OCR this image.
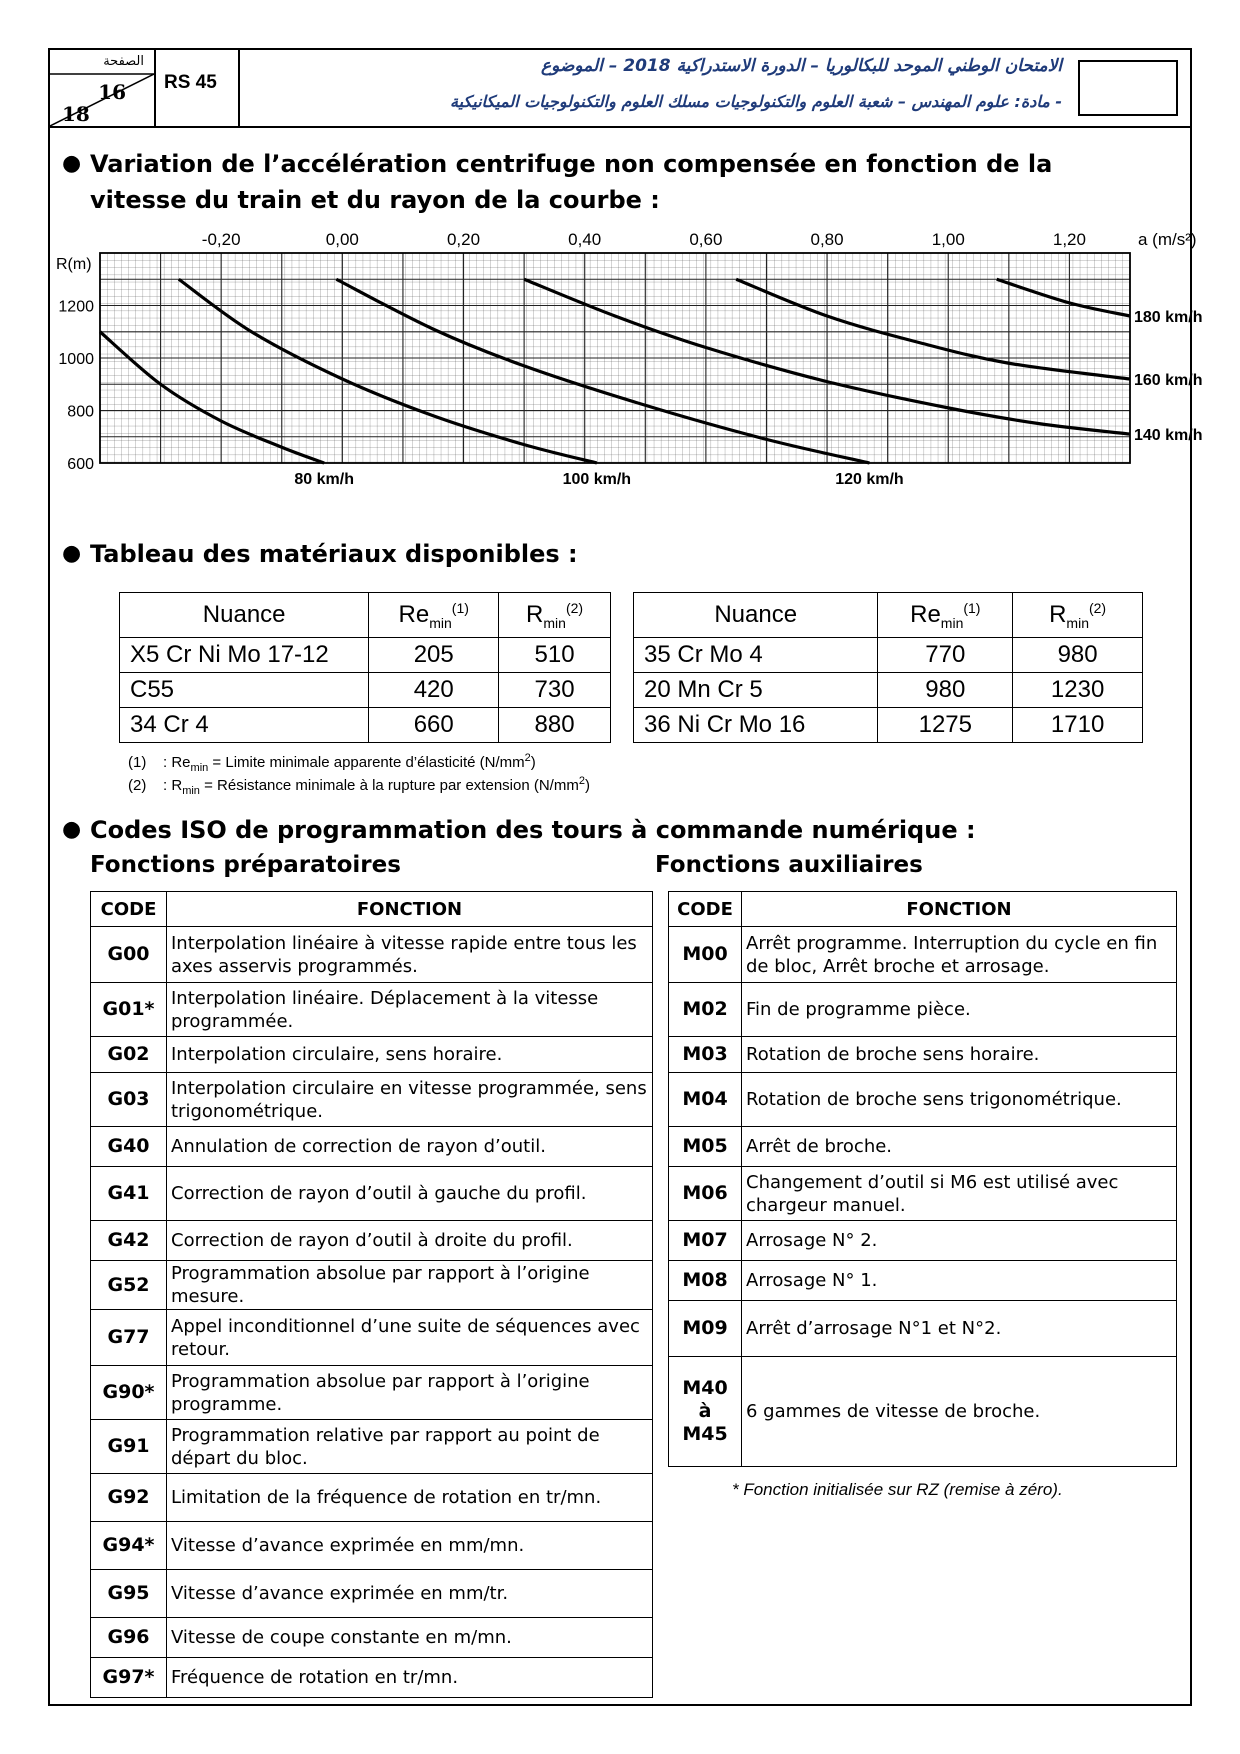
الصفحة
16
18
RS 45
الامتحان الوطني الموحد للبكالوريا – الدورة الاستدراكية 2018 – الموضوع
- مادة: علوم المهندس – شعبة العلوم والتكنولوجيات مسلك العلوم والتكنولوجيات الميكانيكية
● Variation de l’accélération centrifuge non compensée en fonction de la vitesse du train et du rayon de la courbe :
-0,20	0,00	0,20	0,40	0,60	0,80	1,00	1,20
600
800
1000
1200
a (m/s²)
R(m)
80 km/h	100 km/h	120 km/h
140 km/h
160 km/h
180 km/h
● Tableau des matériaux disponibles :
Nuance	$Re_{min}^{(1)}$	$R_{min}^{(2)}$
X5 Cr Ni Mo 17-12	205	510
C55	420	730
34 Cr 4	660	880
Nuance	$Re_{min}^{(1)}$	$R_{min}^{(2)}$
35 Cr Mo 4	770	980
20 Mn Cr 5	980	1230
36 Ni Cr Mo 16	1275	1710
(1) : $Re_{min}$ = Limite minimale apparente d’élasticité $(N/mm^2)$
(2) : $R_{min}$ = Résistance minimale à la rupture par extension $(N/mm^2)$
● Codes ISO de programmation des tours à commande numérique :
Fonctions préparatoires	Fonctions auxiliaires
CODE	FONCTION
G00	Interpolation linéaire à vitesse rapide entre tous les axes asservis programmés.
G01*	Interpolation linéaire. Déplacement à la vitesse programmée.
G02	Interpolation circulaire, sens horaire.
G03	Interpolation circulaire en vitesse programmée, sens trigonométrique.
G40	Annulation de correction de rayon d’outil.
G41	Correction de rayon d’outil à gauche du profil.
G42	Correction de rayon d’outil à droite du profil.
G52	Programmation absolue par rapport à l’origine mesure.
G77	Appel inconditionnel d’une suite de séquences avec retour.
G90*	Programmation absolue par rapport à l’origine programme.
G91	Programmation relative par rapport au point de départ du bloc.
G92	Limitation de la fréquence de rotation en tr/mn.
G94*	Vitesse d’avance exprimée en mm/mn.
G95	Vitesse d’avance exprimée en mm/tr.
G96	Vitesse de coupe constante en m/mn.
G97*	Fréquence de rotation en tr/mn.
CODE	FONCTION
M00	Arrêt programme. Interruption du cycle en fin de bloc, Arrêt broche et arrosage.
M02	Fin de programme pièce.
M03	Rotation de broche sens horaire.
M04	Rotation de broche sens trigonométrique.
M05	Arrêt de broche.
M06	Changement d’outil si M6 est utilisé avec chargeur manuel.
M07	Arrosage N° 2.
M08	Arrosage N° 1.
M09	Arrêt d’arrosage N°1 et N°2.
M40 à M45	6 gammes de vitesse de broche.
* Fonction initialisée sur RZ (remise à zéro).
